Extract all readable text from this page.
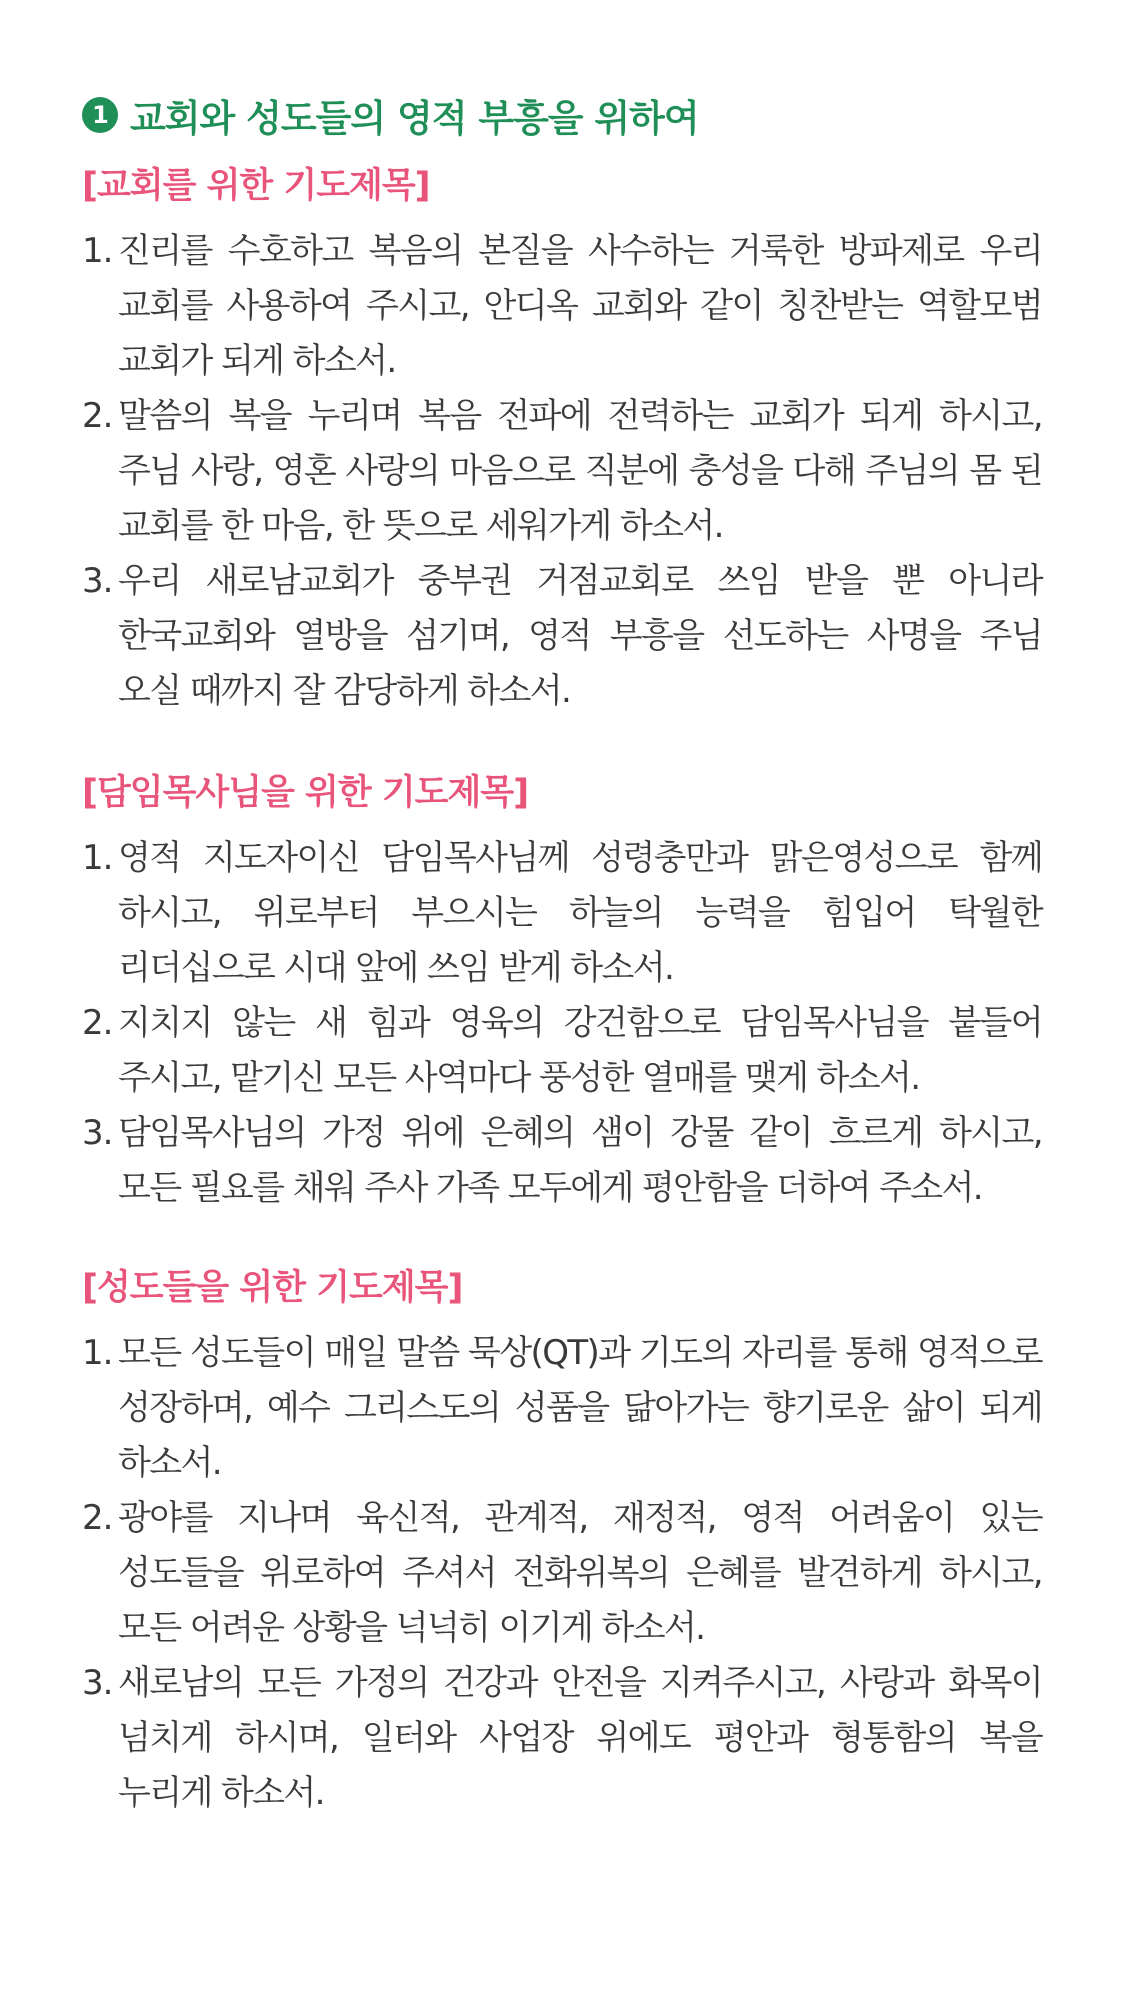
1 교회와 성도들의 영적 부흥을 위하여
[교회를 위한 기도제목]
1. 진리를 수호하고 복음의 본질을 사수하는 거룩한 방파제로 우리 교회를 사용하여 주시고, 안디옥 교회와 같이 칭찬받는 역할모범 교회가 되게 하소서.
2. 말씀의 복을 누리며 복음 전파에 전력하는 교회가 되게 하시고, 주님 사랑, 영혼 사랑의 마음으로 직분에 충성을 다해 주님의 몸 된 교회를 한 마음, 한 뜻으로 세워가게 하소서.
3. 우리 새로남교회가 중부권 거점교회로 쓰임 받을 뿐 아니라 한국교회와 열방을 섬기며, 영적 부흥을 선도하는 사명을 주님 오실 때까지 잘 감당하게 하소서.
[담임목사님을 위한 기도제목]
1. 영적 지도자이신 담임목사님께 성령충만과 맑은영성으로 함께 하시고, 위로부터 부으시는 하늘의 능력을 힘입어 탁월한 리더십으로 시대 앞에 쓰임 받게 하소서.
2. 지치지 않는 새 힘과 영육의 강건함으로 담임목사님을 붙들어 주시고, 맡기신 모든 사역마다 풍성한 열매를 맺게 하소서.
3. 담임목사님의 가정 위에 은혜의 샘이 강물 같이 흐르게 하시고, 모든 필요를 채워 주사 가족 모두에게 평안함을 더하여 주소서.
[성도들을 위한 기도제목]
1. 모든 성도들이 매일 말씀 묵상(QT)과 기도의 자리를 통해 영적으로 성장하며, 예수 그리스도의 성품을 닮아가는 향기로운 삶이 되게 하소서.
2. 광야를 지나며 육신적, 관계적, 재정적, 영적 어려움이 있는 성도들을 위로하여 주셔서 전화위복의 은혜를 발견하게 하시고, 모든 어려운 상황을 넉넉히 이기게 하소서.
3. 새로남의 모든 가정의 건강과 안전을 지켜주시고, 사랑과 화목이 넘치게 하시며, 일터와 사업장 위에도 평안과 형통함의 복을 누리게 하소서.
